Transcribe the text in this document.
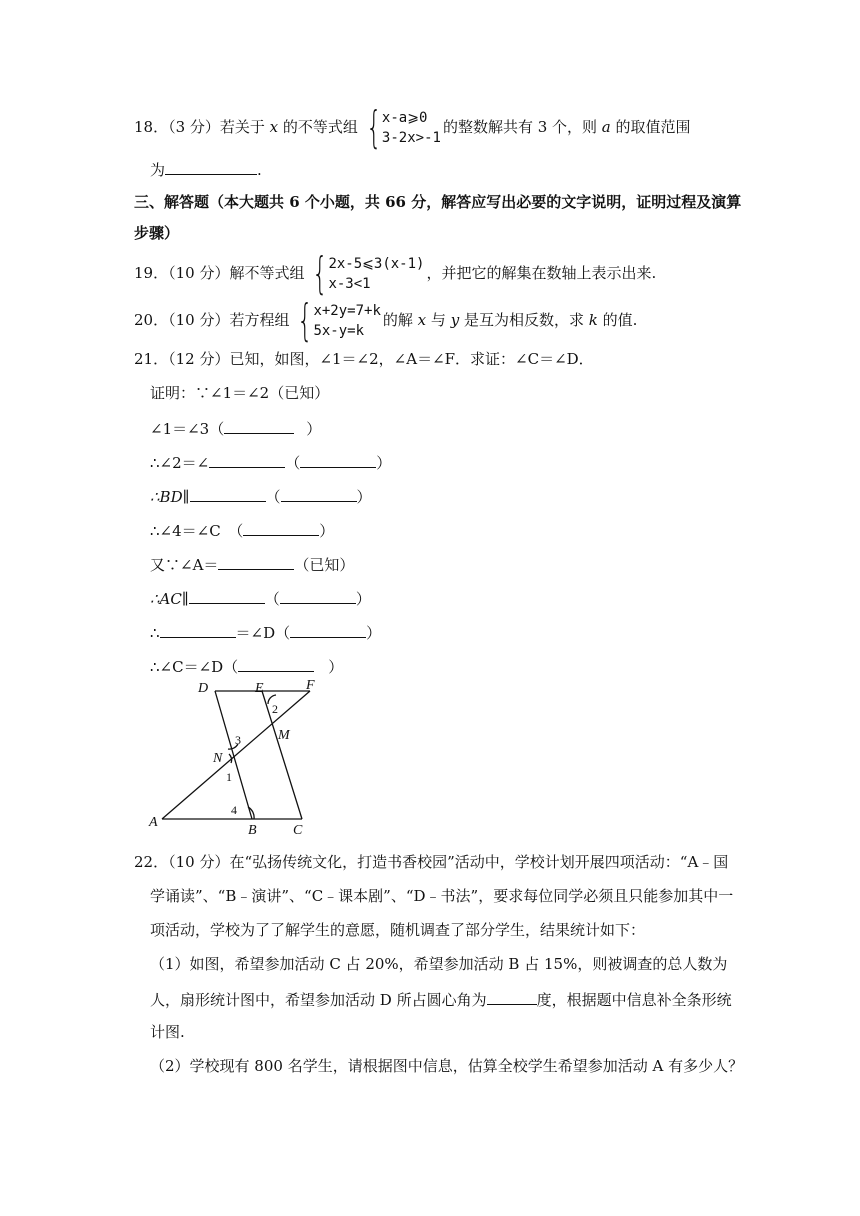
18．（3 分）若关于 x 的不等式组 { x-a⩾0
3-2x>-1
的整数解共有 3 个，则 a 的取值范围
为	.
三、解答题（本大题共 6 个小题，共 66 分，解答应写出必要的文字说明，证明过程及演算
步骤）
19．（10 分）解不等式组 { 2x-5⩽3(x-1)
x-3<1
，并把它的解集在数轴上表示出来.
20．（10 分）若方程组 { x+2y=7+k
5x-y=k
的解 x 与 y 是互为相反数，求 k 的值.
21．（12 分）已知，如图，∠1＝∠2，∠A＝∠F．求证：∠C＝∠D．
证明：∵∠1＝∠2（已知）
∠1＝∠3（	）
∴∠2＝∠	（	）
∴BD∥	（	）
∴∠4＝∠C　（	）
又∵∠A＝	（已知）
∴AC∥	（	）
∴	＝∠D（	）
∴∠C＝∠D（	）
D	E	F
N
M
A
B	C
2
3
1
4
22．（10 分）在“弘扬传统文化，打造书香校园”活动中，学校计划开展四项活动：“A﹣国
学诵读”、“B﹣演讲”、“C﹣课本剧”、“D﹣书法”，要求每位同学必须且只能参加其中一
项活动，学校为了了解学生的意愿，随机调查了部分学生，结果统计如下：
（1）如图，希望参加活动 C 占 20%，希望参加活动 B 占 15%，则被调查的总人数为
人，扇形统计图中，希望参加活动 D 所占圆心角为	度，根据题中信息补全条形统
计图.
（2）学校现有 800 名学生，请根据图中信息，估算全校学生希望参加活动 A 有多少人？
